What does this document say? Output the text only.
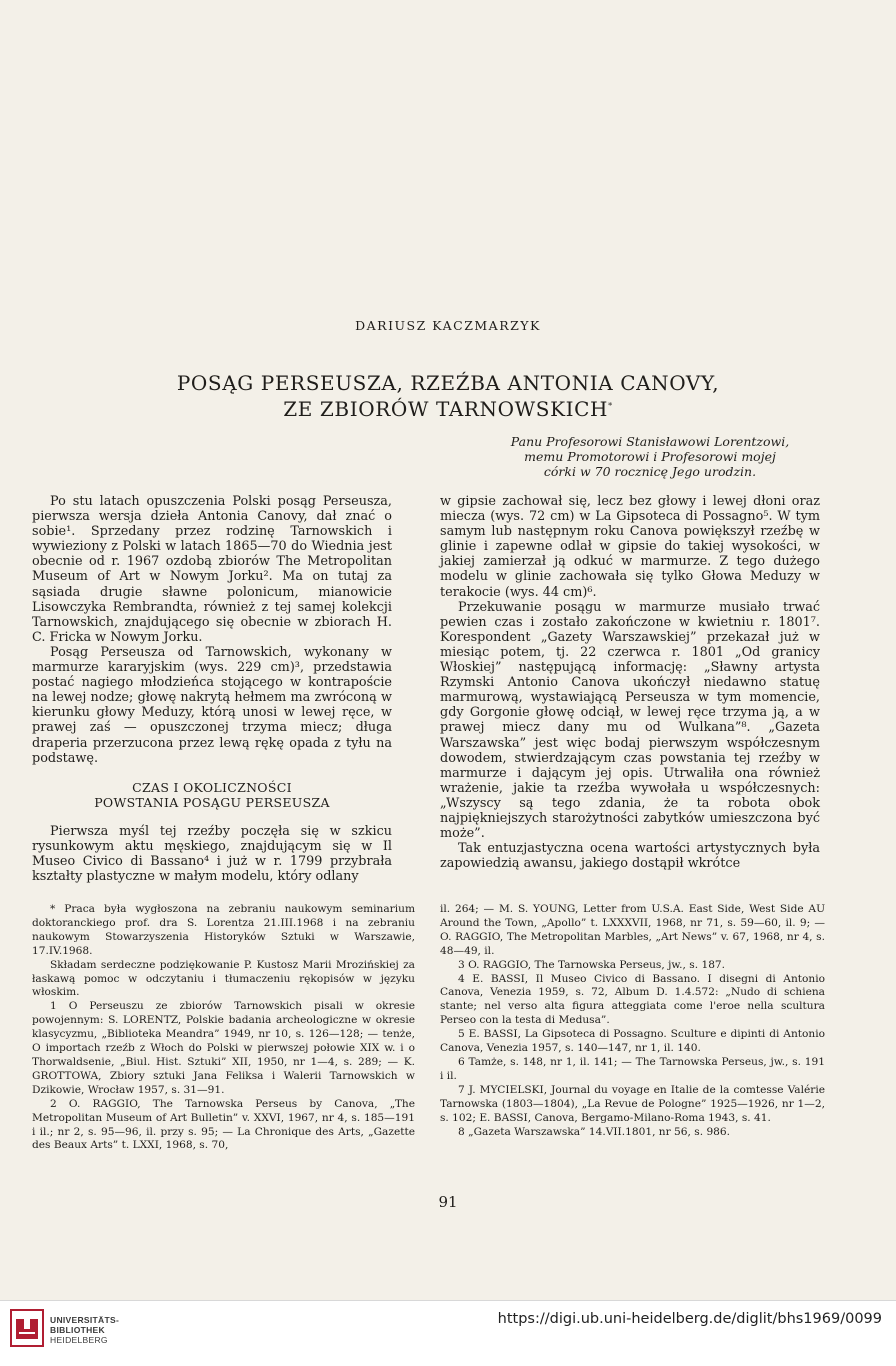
DARIUSZ KACZMARZYK
POSĄG PERSEUSZA, RZEŹBA ANTONIA CANOVY,
ZE ZBIORÓW TARNOWSKICH*
Panu Profesorowi Stanisławowi Lorentzowi,
memu Promotorowi i Profesorowi mojej
córki w 70 rocznicę Jego urodzin.

Po stu latach opuszczenia Polski posąg Perseusza, pierwsza wersja dzieła Antonia Canovy, dał znać o sobie¹. Sprzedany przez rodzinę Tarnowskich i wywieziony z Polski w latach 1865—70 do Wiednia jest obecnie od r. 1967 ozdobą zbiorów The Metropolitan Museum of Art w Nowym Jorku². Ma on tutaj za sąsiada drugie sławne polonicum, mianowicie Lisowczyka Rembrandta, również z tej samej kolekcji Tarnowskich, znajdującego się obecnie w zbiorach H. C. Fricka w Nowym Jorku.

Posąg Perseusza od Tarnowskich, wykonany w marmurze kararyjskim (wys. 229 cm)³, przedstawia postać nagiego młodzieńca stojącego w kontrapoście na lewej nodze; głowę nakrytą hełmem ma zwróconą w kierunku głowy Meduzy, którą unosi w lewej ręce, w prawej zaś — opuszczonej trzyma miecz; długa draperia przerzucona przez lewą rękę opada z tyłu na podstawę.

CZAS I OKOLICZNOŚCI
POWSTANIA POSĄGU PERSEUSZA

Pierwsza myśl tej rzeźby poczęła się w szkicu rysunkowym aktu męskiego, znajdującym się w Il Museo Civico di Bassano⁴ i już w r. 1799 przybrała kształty plastyczne w małym modelu, który odlany

w gipsie zachował się, lecz bez głowy i lewej dłoni oraz miecza (wys. 72 cm) w La Gipsoteca di Possagno⁵. W tym samym lub następnym roku Canova powiększył rzeźbę w glinie i zapewne odlał w gipsie do takiej wysokości, w jakiej zamierzał ją odkuć w marmurze. Z tego dużego modelu w glinie zachowała się tylko Głowa Meduzy w terakocie (wys. 44 cm)⁶.

Przekuwanie posągu w marmurze musiało trwać pewien czas i zostało zakończone w kwietniu r. 1801⁷. Korespondent „Gazety Warszawskiej” przekazał już w miesiąc potem, tj. 22 czerwca r. 1801 „Od granicy Włoskiej” następującą informację: „Sławny artysta Rzymski Antonio Canova ukończył niedawno statuę marmurową, wystawiającą Perseusza w tym momencie, gdy Gorgonie głowę odciął, w lewej ręce trzyma ją, a w prawej miecz dany mu od Wulkana”⁸. „Gazeta Warszawska” jest więc bodaj pierwszym współczesnym dowodem, stwierdzającym czas powstania tej rzeźby w marmurze i dającym jej opis. Utrwaliła ona również wrażenie, jakie ta rzeźba wywołała u współczesnych: „Wszyscy są tego zdania, że ta robota obok najpiękniejszych starożytności zabytków umieszczona być może”.

Tak entuzjastyczna ocena wartości artystycznych była zapowiedzią awansu, jakiego dostąpił wkrótce

* Praca była wygłoszona na zebraniu naukowym seminarium doktoranckiego prof. dra S. Lorentza 21.III.1968 i na zebraniu naukowym Stowarzyszenia Historyków Sztuki w Warszawie, 17.IV.1968.

Składam serdeczne podziękowanie P. Kustosz Marii Mrozińskiej za łaskawą pomoc w odczytaniu i tłumaczeniu rękopisów w języku włoskim.

1 O Perseuszu ze zbiorów Tarnowskich pisali w okresie powojennym: S. LORENTZ, Polskie badania archeologiczne w okresie klasycyzmu, „Biblioteka Meandra” 1949, nr 10, s. 126—128; — tenże, O importach rzeźb z Włoch do Polski w pierwszej połowie XIX w. i o Thorwaldsenie, „Biul. Hist. Sztuki” XII, 1950, nr 1—4, s. 289; — K. GROTTOWA, Zbiory sztuki Jana Feliksa i Walerii Tarnowskich w Dzikowie, Wrocław 1957, s. 31—91.

2 O. RAGGIO, The Tarnowska Perseus by Canova, „The Metropolitan Museum of Art Bulletin” v. XXVI, 1967, nr 4, s. 185—191 i il.; nr 2, s. 95—96, il. przy s. 95; — La Chronique des Arts, „Gazette des Beaux Arts” t. LXXI, 1968, s. 70,

il. 264; — M. S. YOUNG, Letter from U.S.A. East Side, West Side AU Around the Town, „Apollo” t. LXXXVII, 1968, nr 71, s. 59—60, il. 9; — O. RAGGIO, The Metropolitan Marbles, „Art News” v. 67, 1968, nr 4, s. 48—49, il.

3 O. RAGGIO, The Tarnowska Perseus, jw., s. 187.

4 E. BASSI, Il Museo Civico di Bassano. I disegni di Antonio Canova, Venezia 1959, s. 72, Album D. 1.4.572: „Nudo di schiena stante; nel verso alta figura atteggiata come l'eroe nella scultura Perseo con la testa di Medusa”.

5 E. BASSI, La Gipsoteca di Possagno. Sculture e dipinti di Antonio Canova, Venezia 1957, s. 140—147, nr 1, il. 140.

6 Tamże, s. 148, nr 1, il. 141; — The Tarnowska Perseus, jw., s. 191 i il.

7 J. MYCIELSKI, Journal du voyage en Italie de la comtesse Valérie Tarnowska (1803—1804), „La Revue de Pologne” 1925—1926, nr 1—2, s. 102; E. BASSI, Canova, Bergamo-Milano-Roma 1943, s. 41.

8 „Gazeta Warszawska” 14.VII.1801, nr 56, s. 986.

91
UNIVERSITÄTS-
BIBLIOTHEK
HEIDELBERG
https://digi.ub.uni-heidelberg.de/diglit/bhs1969/0099
